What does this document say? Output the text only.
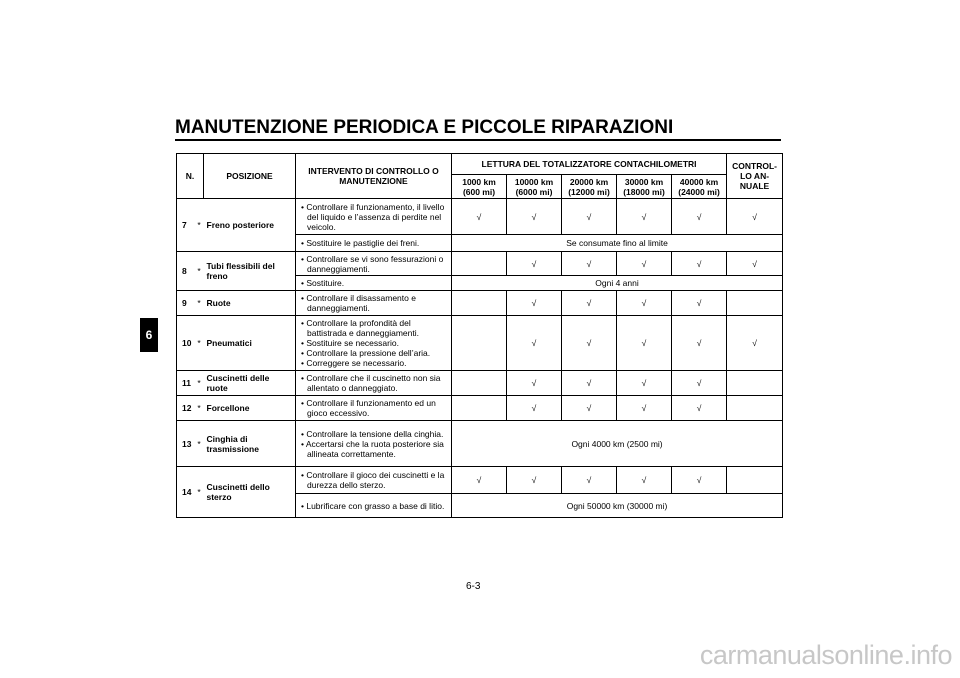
MANUTENZIONE PERIODICA E PICCOLE RIPARAZIONI
6
N.		POSIZIONE	INTERVENTO DI CONTROLLO O MANUTENZIONE	LETTURA DEL TOTALIZZATORE CONTACHILOMETRI					CONTROL-LO AN-NUALE
				1000 km (600 mi)	10000 km (6000 mi)	20000 km (12000 mi)	30000 km (18000 mi)	40000 km (24000 mi)	
7	*	Freno posteriore	• Controllare il funzionamento, il livello del liquido e l’assenza di perdite nel veicolo.	√	√	√	√	√	√

			• Sostituire le pastiglie dei freni.	Se consumate fino al limite					
8	*	Tubi flessibili del freno	• Controllare se vi sono fessurazioni o danneggiamenti.		√	√	√	√	√

			• Sostituire.	Ogni 4 anni					
9	*	Ruote	• Controllare il disassamento e danneggiamenti.		√	√	√	√	
10	*	Pneumatici	• Controllare la profondità del battistrada e danneggiamenti.
• Sostituire se necessario.
• Controllare la pressione dell’aria.
• Correggere se necessario.		√	√	√	√	√
11	*	Cuscinetti delle ruote	• Controllare che il cuscinetto non sia allentato o danneggiato.		√	√	√	√	
12	*	Forcellone	• Controllare il funzionamento ed un gioco eccessivo.		√	√	√	√	
13	*	Cinghia di trasmissione	• Controllare la tensione della cinghia.
• Accertarsi che la ruota posteriore sia allineata correttamente.	Ogni 4000 km (2500 mi)					
14	*	Cuscinetti dello sterzo	• Controllare il gioco dei cuscinetti e la durezza dello sterzo.	√	√	√	√	√	

			• Lubrificare con grasso a base di litio.	Ogni 50000 km (30000 mi)					
6-3
carmanualsonline.info
